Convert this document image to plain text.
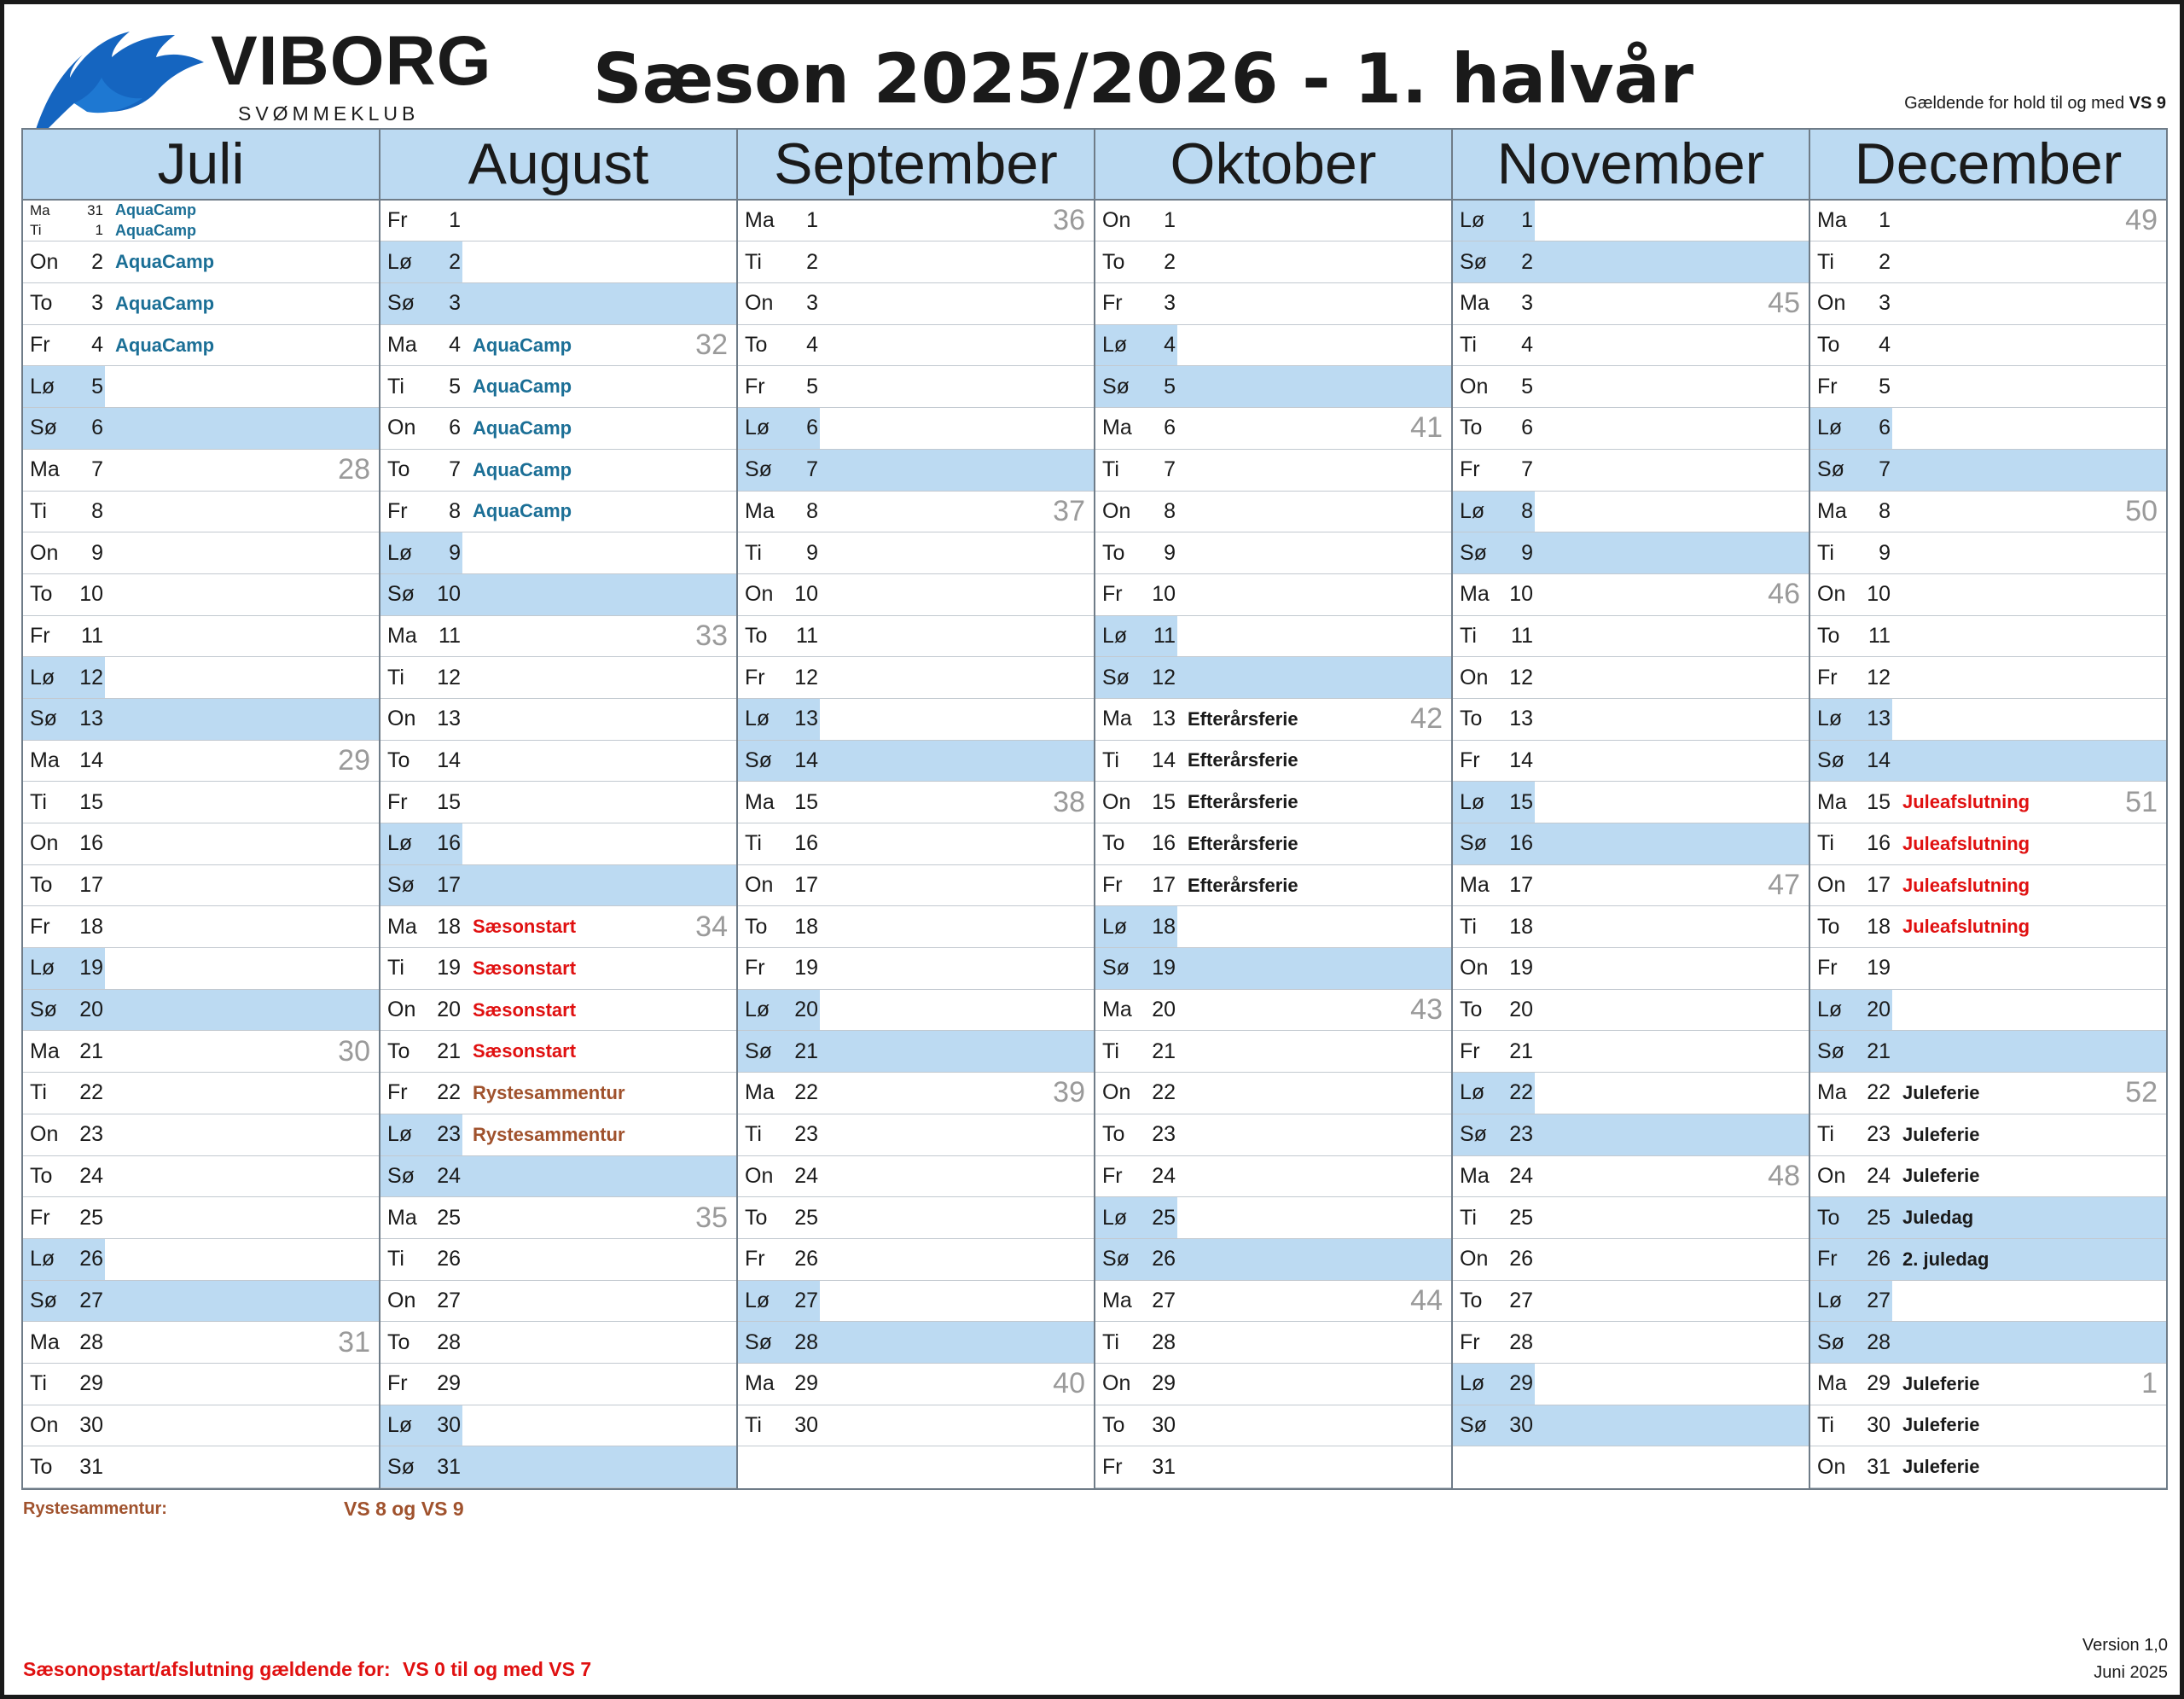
VIBORG
SVØMMEKLUB	Sæson 2025/2026 - 1. halvår	Gældende for hold til og med VS 9
Juli
Ma	31 AquaCamp
Ti	1 AquaCamp
On	2 AquaCamp
To	3 AquaCamp
Fr	4 AquaCamp
Lø	5
Sø	6
Ma	7	28
Ti	8
On	9
To	10
Fr	11
Lø	12
Sø	13
Ma 14	29
Ti	15
On 16
To	17
Fr	18
Lø	19
Sø	20
Ma 21	30
Ti	22
On 23
To	24
Fr	25
Lø	26
Sø	27
Ma 28	31
Ti	29
On 30
To	31
August
Fr	1
Lø	2
Sø	3
Ma	4 AquaCamp	32
Ti	5 AquaCamp
On	6 AquaCamp
To	7 AquaCamp
Fr	8 AquaCamp
Lø	9
Sø	10
Ma	11	33
Ti	12
On 13
To	14
Fr	15
Lø	16
Sø	17
Ma 18 Sæsonstart	34
Ti	19 Sæsonstart
On 20 Sæsonstart
To	21 Sæsonstart
Fr	22 Rystesammentur
Lø	23 Rystesammentur
Sø	24
Ma 25	35
Ti	26
On 27
To	28
Fr	29
Lø	30
Sø	31
September
Ma	1	36
Ti	2
On	3
To	4
Fr	5
Lø	6
Sø	7
Ma	8	37
Ti	9
On 10
To	11
Fr	12
Lø	13
Sø	14
Ma 15	38
Ti	16
On 17
To	18
Fr	19
Lø	20
Sø	21
Ma 22	39
Ti	23
On 24
To	25
Fr	26
Lø	27
Sø	28
Ma 29	40
Ti	30
Oktober
On	1
To	2
Fr	3
Lø	4
Sø	5
Ma	6	41
Ti	7
On	8
To	9
Fr	10
Lø	11
Sø	12
Ma 13 Efterårsferie	42
Ti	14 Efterårsferie
On 15 Efterårsferie
To	16 Efterårsferie
Fr	17 Efterårsferie
Lø	18
Sø	19
Ma 20	43
Ti	21
On 22
To	23
Fr	24
Lø	25
Sø	26
Ma 27	44
Ti	28
On 29
To	30
Fr	31
November
Lø	1
Sø	2
Ma	3	45
Ti	4
On	5
To	6
Fr	7
Lø	8
Sø	9
Ma 10	46
Ti	11
On 12
To	13
Fr	14
Lø	15
Sø	16
Ma 17	47
Ti	18
On 19
To	20
Fr	21
Lø	22
Sø	23
Ma 24	48
Ti	25
On 26
To	27
Fr	28
Lø	29
Sø	30
December
Ma	1	49
Ti	2
On	3
To	4
Fr	5
Lø	6
Sø	7
Ma	8	50
Ti	9
On 10
To	11
Fr	12
Lø	13
Sø	14
Ma 15 Juleafslutning	51
Ti	16 Juleafslutning
On 17 Juleafslutning
To	18 Juleafslutning
Fr	19
Lø	20
Sø	21
Ma 22 Juleferie	52
Ti	23 Juleferie
On 24 Juleferie
To	25 Juledag
Fr	26 2. juledag
Lø	27
Sø	28
Ma 29 Juleferie	1
Ti	30 Juleferie
On 31 Juleferie
Rystesammentur:	VS 8 og VS 9
Sæsonopstart/afslutning gældende for: VS 0 til og med VS 7
Version 1,0
Juni 2025
